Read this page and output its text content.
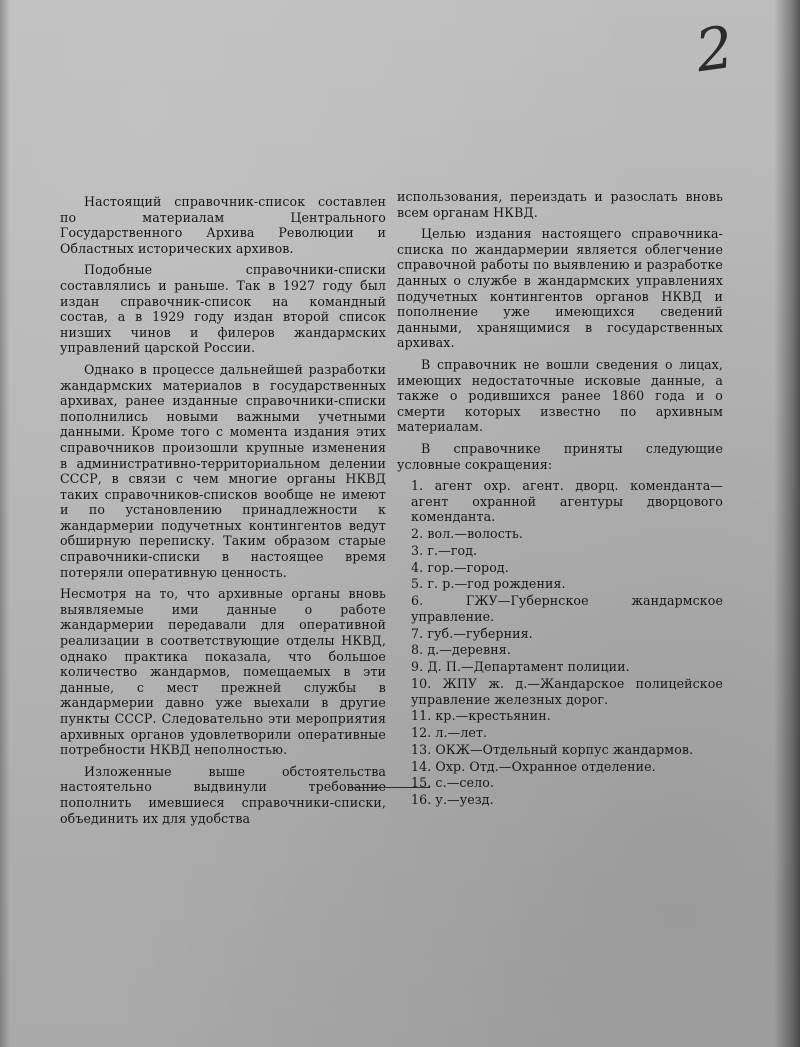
2

Настоящий справочник-список составлен по материалам Центрального Государственного Архива Революции и Областных исторических архивов.

Подобные справочники-списки составлялись и раньше. Так в 1927 году был издан справочник-список на командный состав, а в 1929 году издан второй список низших чинов и филеров жандармских управлений царской России.

Однако в процессе дальнейшей разработки жандармских материалов в государственных архивах, ранее изданные справочники-списки пополнились новыми важными учетными данными. Кроме того с момента издания этих справочников произошли крупные изменения в административно-территориальном делении СССР, в связи с чем многие органы НКВД таких справочников-списков вообще не имеют и по установлению принадлежности к жандармерии подучетных контингентов ведут обширную переписку. Таким образом старые справочники-списки в настоящее время потеряли оперативную ценность.

Несмотря на то, что архивные органы вновь выявляемые ими данные о работе жандармерии передавали для оперативной реализации в соответствующие отделы НКВД, однако практика показала, что большое количество жандармов, помещаемых в эти данные, с мест прежней службы в жандармерии давно уже выехали в другие пункты СССР. Следовательно эти мероприятия архивных органов удовлетворили оперативные потребности НКВД неполностью.

Изложенные выше обстоятельства настоятельно выдвинули требование пополнить имевшиеся справочники-списки, объединить их для удобства

использования, переиздать и разослать вновь всем органам НКВД.

Целью издания настоящего справочника-списка по жандармерии является облегчение справочной работы по выявлению и разработке данных о службе в жандармских управлениях подучетных контингентов органов НКВД и пополнение уже имеющихся сведений данными, хранящимися в государственных архивах.

В справочник не вошли сведения о лицах, имеющих недостаточные исковые данные, а также о родившихся ранее 1860 года и о смерти которых известно по архивным материалам.

В справочнике приняты следующие условные сокращения:

1. агент охр. агент. дворц. коменданта—агент охранной агентуры дворцового коменданта.
2. вол.—волость.
3. г.—год.
4. гор.—город.
5. г. р.—год рождения.
6. ГЖУ—Губернское жандармское управление.
7. губ.—губерния.
8. д.—деревня.
9. Д. П.—Департамент полиции.
10. ЖПУ ж. д.—Жандарское полицейское управление железных дорог.
11. кр.—крестьянин.
12. л.—лет.
13. ОКЖ—Отдельный корпус жандармов.
14. Охр. Отд.—Охранное отделение.
15. с.—село.
16. у.—уезд.
